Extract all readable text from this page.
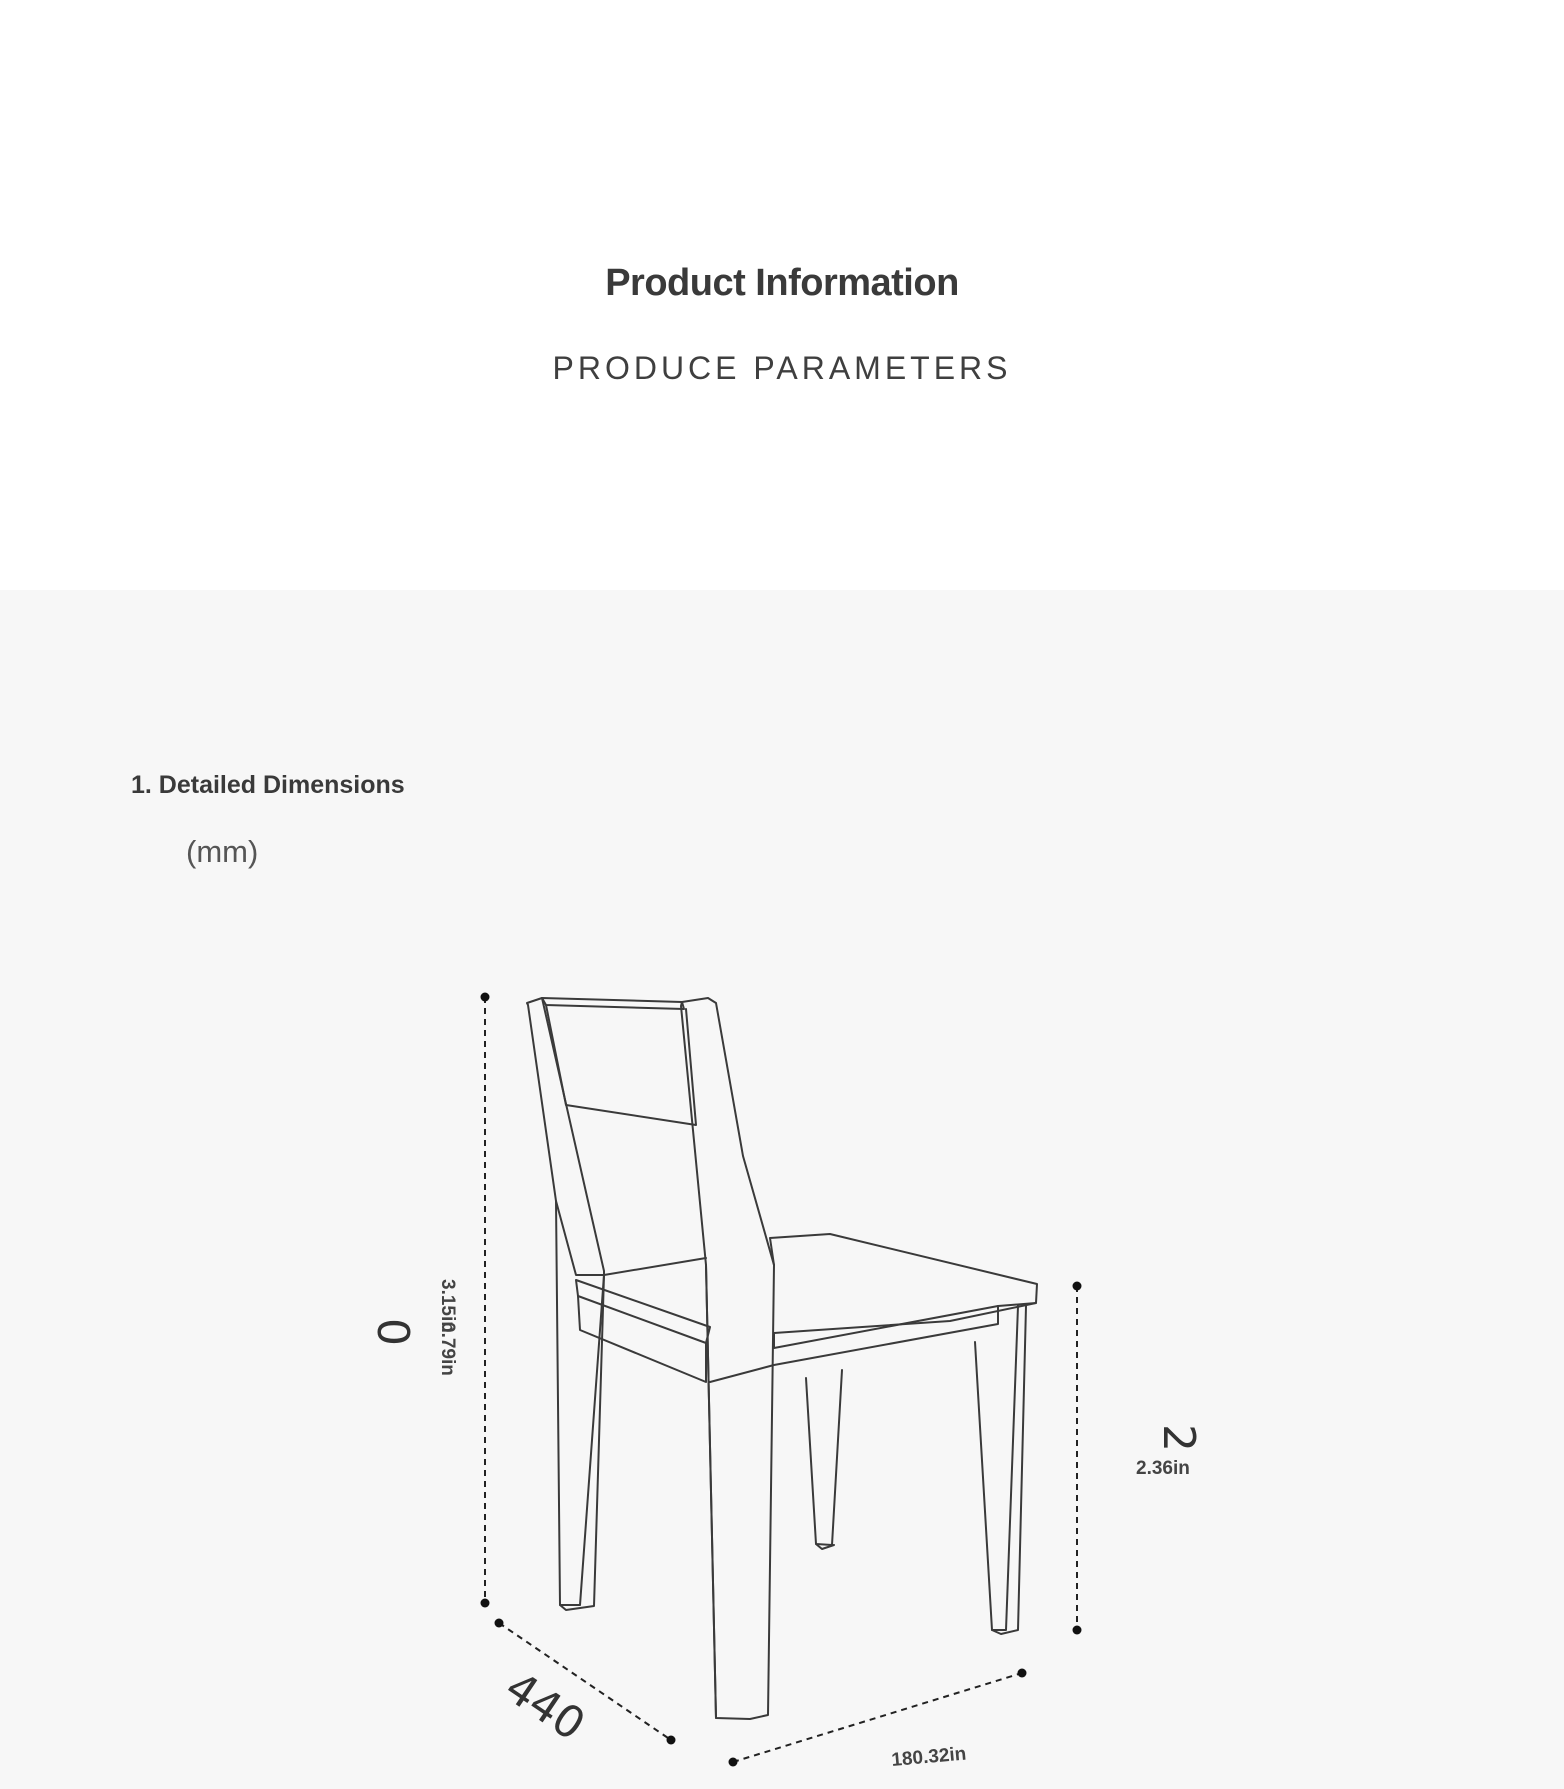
Product Information
PRODUCE PARAMETERS
1. Detailed Dimensions
(mm)
3.15in
0.79in
0
2.36in
2
440
180.32in
